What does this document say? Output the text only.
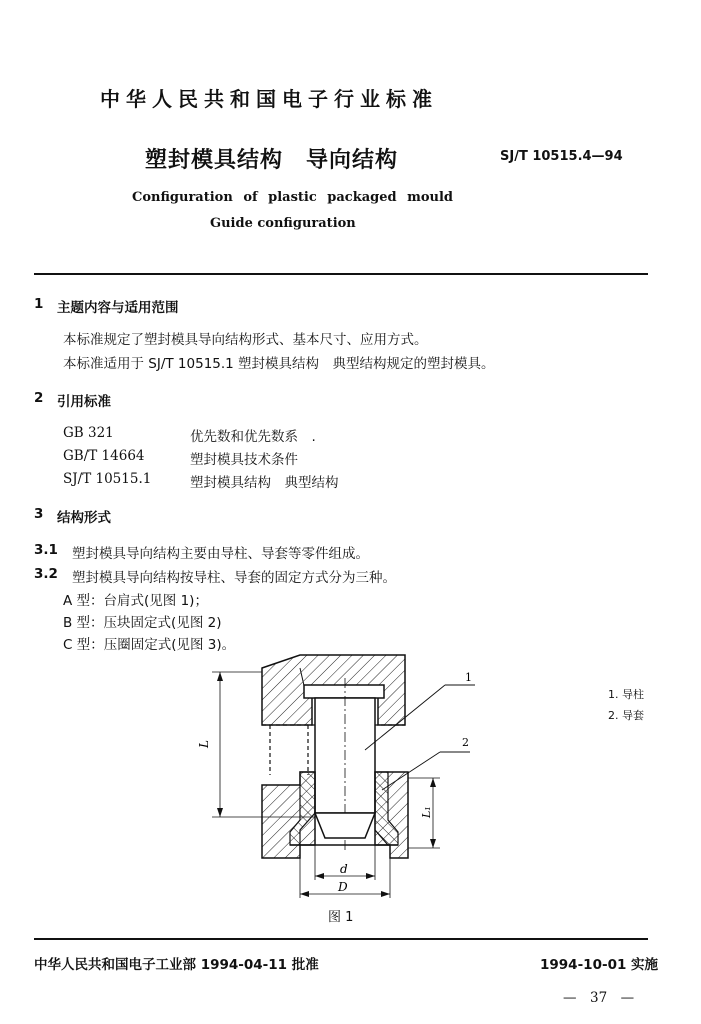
中华人民共和国电子行业标准
塑封模具结构　导向结构	SJ/T 10515.4—94
Configuration of plastic packaged mould
Guide configuration
1 主题内容与适用范围
本标准规定了塑封模具导向结构形式、基本尺寸、应用方式。
本标准适用于 SJ/T 10515.1 塑封模具结构　典型结构规定的塑封模具。
2 引用标准
GB 321	优先数和优先数系　.
GB/T 14664	塑封模具技术条件
SJ/T 10515.1	塑封模具结构　典型结构
3 结构形式
3.1 塑封模具导向结构主要由导柱、导套等零件组成。
3.2 塑封模具导向结构按导柱、导套的固定方式分为三种。
A 型：台肩式(见图 1)；
B 型：压块固定式(见图 2)
C 型：压圈固定式(见图 3)。
L
L₁
d
D
1
2
1. 导柱
2. 导套
图 1
中华人民共和国电子工业部 1994-04-11 批准	1994-10-01 实施
—　37　—
